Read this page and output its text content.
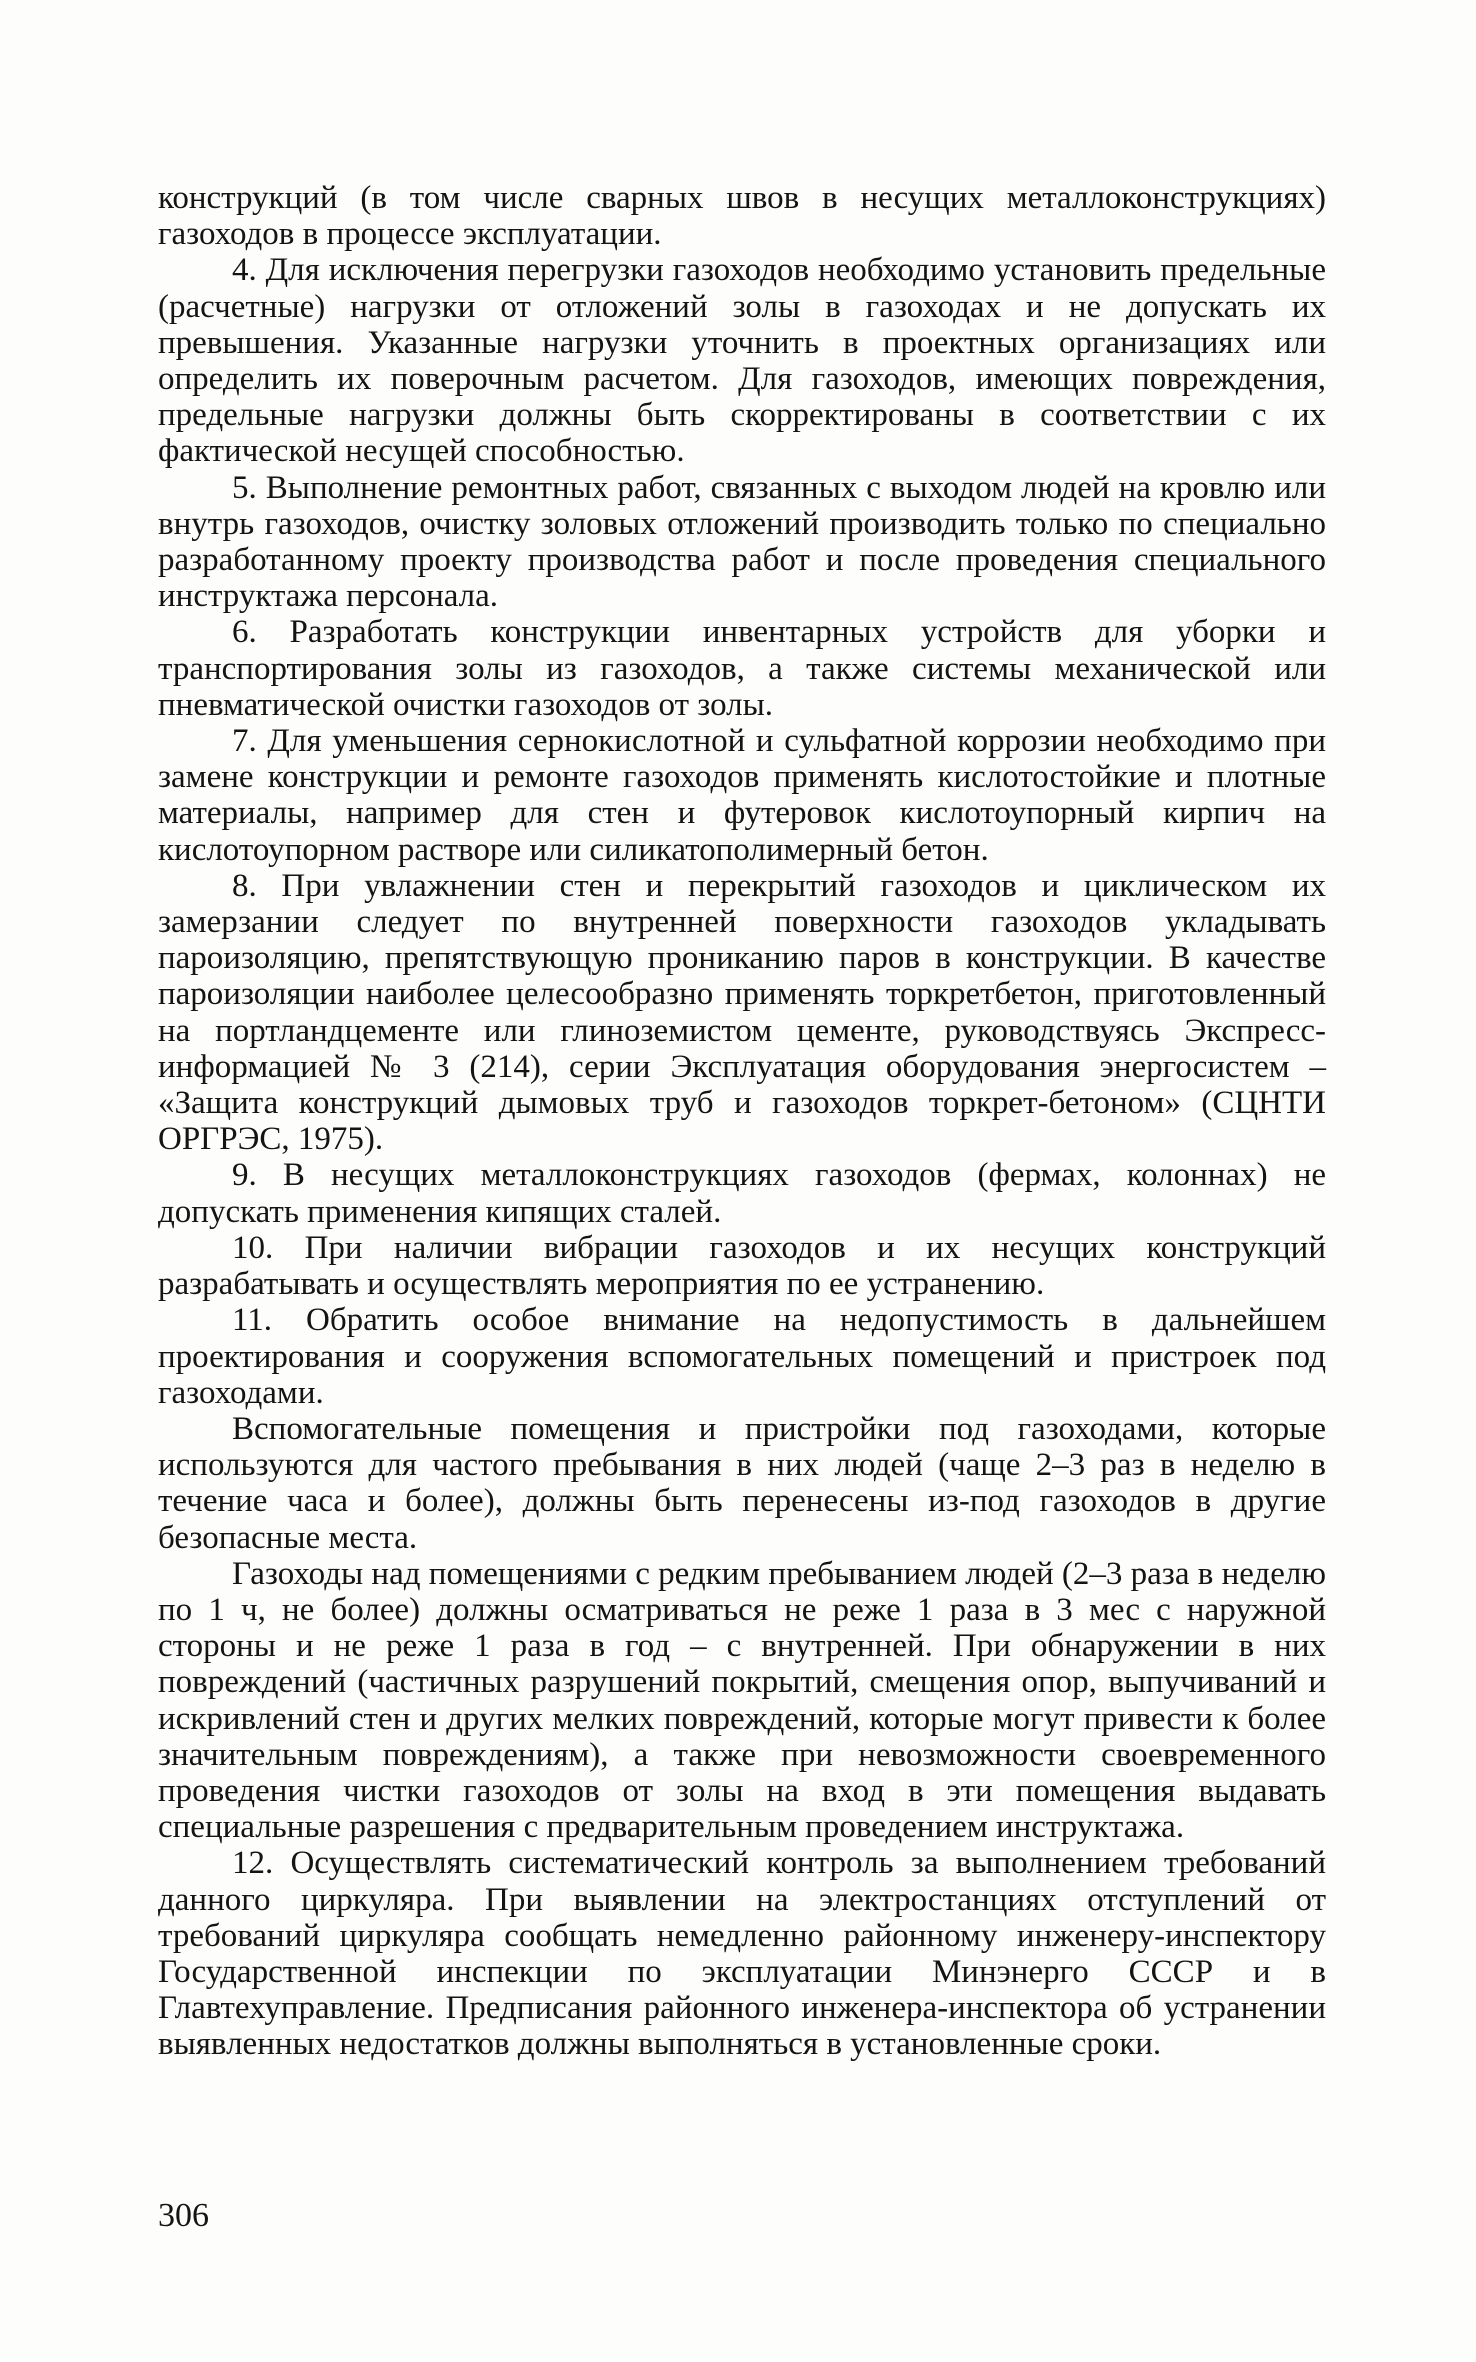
конструкций (в том числе сварных швов в несущих металлоконструкциях) газоходов в процессе эксплуатации.

4. Для исключения перегрузки газоходов необходимо установить предельные (расчетные) нагрузки от отложений золы в газоходах и не допускать их превышения. Указанные нагрузки уточнить в проектных организациях или определить их поверочным расчетом. Для газоходов, имеющих повреждения, предельные нагрузки должны быть скорректированы в соответствии с их фактической несущей способностью.

5. Выполнение ремонтных работ, связанных с выходом людей на кровлю или внутрь газоходов, очистку золовых отложений производить только по специально разработанному проекту производства работ и после проведения специального инструктажа персонала.

6. Разработать конструкции инвентарных устройств для уборки и транспортирования золы из газоходов, а также системы механической или пневматической очистки газоходов от золы.

7. Для уменьшения сернокислотной и сульфатной коррозии необходимо при замене конструкции и ремонте газоходов применять кислотостойкие и плотные материалы, например для стен и футеровок кислотоупорный кирпич на кислотоупорном растворе или силикатополимерный бетон.

8. При увлажнении стен и перекрытий газоходов и циклическом их замерзании следует по внутренней поверхности газоходов укладывать пароизоляцию, препятствующую прониканию паров в конструкции. В качестве пароизоляции наиболее целесообразно применять торкретбетон, приготовленный на портландцементе или глиноземистом цементе, руководствуясь Экспресс-информацией № 3 (214), серии Эксплуатация оборудования энергосистем – «Защита конструкций дымовых труб и газоходов торкрет-бетоном» (СЦНТИ ОРГРЭС, 1975).

9. В несущих металлоконструкциях газоходов (фермах, колоннах) не допускать применения кипящих сталей.

10. При наличии вибрации газоходов и их несущих конструкций разрабатывать и осуществлять мероприятия по ее устранению.

11. Обратить особое внимание на недопустимость в дальнейшем проектирования и сооружения вспомогательных помещений и пристроек под газоходами.

Вспомогательные помещения и пристройки под газоходами, которые используются для частого пребывания в них людей (чаще 2–3 раз в неделю в течение часа и более), должны быть перенесены из-под газоходов в другие безопасные места.

Газоходы над помещениями с редким пребыванием людей (2–3 раза в неделю по 1 ч, не более) должны осматриваться не реже 1 раза в 3 мес с наружной стороны и не реже 1 раза в год – с внутренней. При обнаружении в них повреждений (частичных разрушений покрытий, смещения опор, выпучиваний и искривлений стен и других мелких повреждений, которые могут привести к более значительным повреждениям), а также при невозможности своевременного проведения чистки газоходов от золы на вход в эти помещения выдавать специальные разрешения с предварительным проведением инструктажа.

12. Осуществлять систематический контроль за выполнением требований данного циркуляра. При выявлении на электростанциях отступлений от требований циркуляра сообщать немедленно районному инженеру-инспектору Государственной инспекции по эксплуатации Минэнерго СССР и в Главтехуправление. Предписания районного инженера-инспектора об устранении выявленных недостатков должны выполняться в установленные сроки.

306
